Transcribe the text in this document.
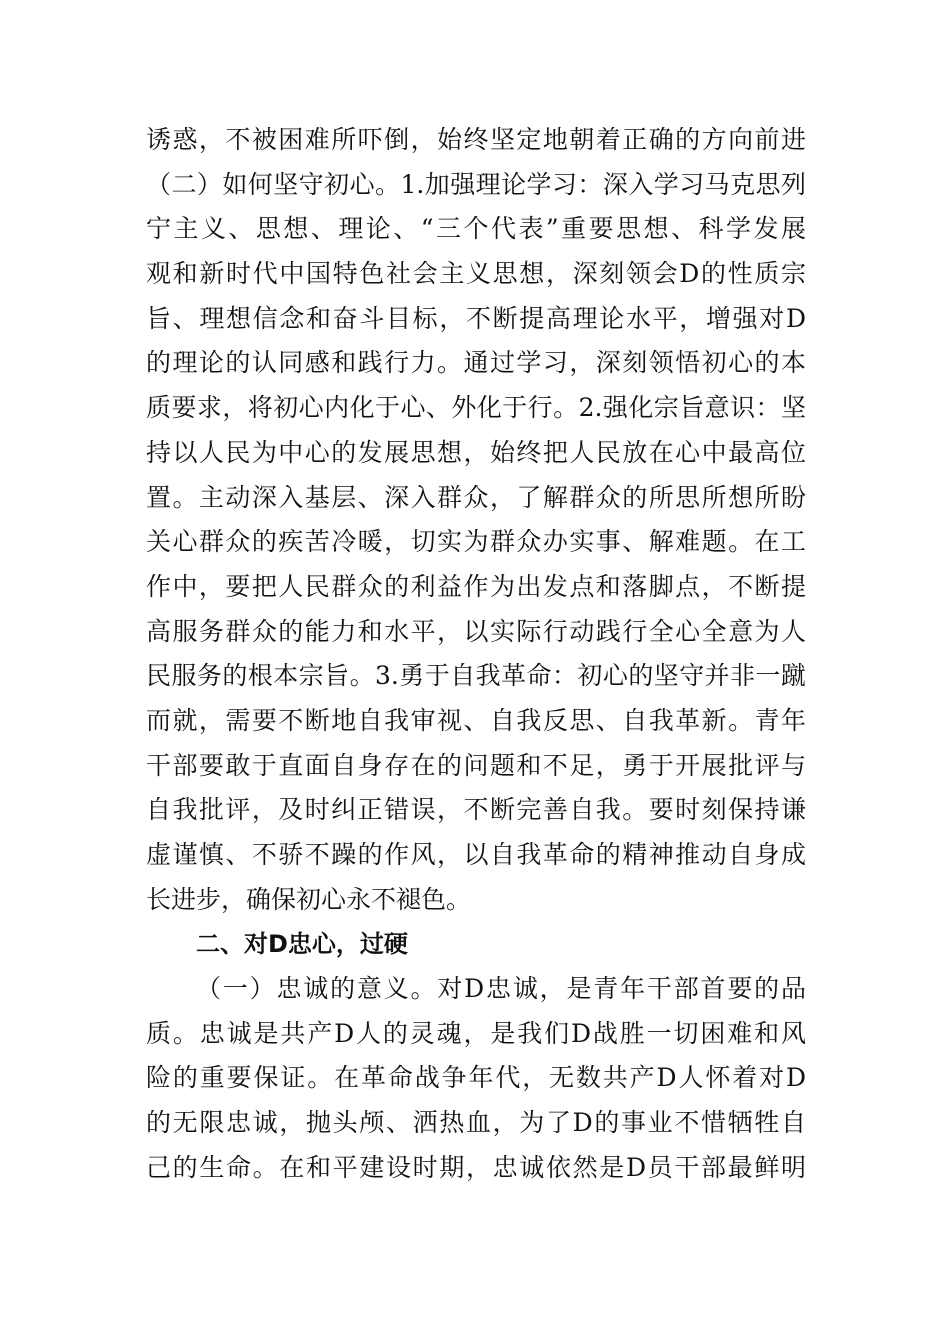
诱惑，不被困难所吓倒，始终坚定地朝着正确的方向前进
（二）如何坚守初心。1.加强理论学习：深入学习马克思列
宁主义、思想、理论、“三个代表”重要思想、科学发展
观和新时代中国特色社会主义思想，深刻领会D的性质宗
旨、理想信念和奋斗目标，不断提高理论水平，增强对D
的理论的认同感和践行力。通过学习，深刻领悟初心的本
质要求，将初心内化于心、外化于行。2.强化宗旨意识：坚
持以人民为中心的发展思想，始终把人民放在心中最高位
置。主动深入基层、深入群众，了解群众的所思所想所盼
关心群众的疾苦冷暖，切实为群众办实事、解难题。在工
作中，要把人民群众的利益作为出发点和落脚点，不断提
高服务群众的能力和水平，以实际行动践行全心全意为人
民服务的根本宗旨。3.勇于自我革命：初心的坚守并非一蹴
而就，需要不断地自我审视、自我反思、自我革新。青年
干部要敢于直面自身存在的问题和不足，勇于开展批评与
自我批评，及时纠正错误，不断完善自我。要时刻保持谦
虚谨慎、不骄不躁的作风，以自我革命的精神推动自身成
长进步，确保初心永不褪色。
二、对D忠心，过硬
（一）忠诚的意义。对D忠诚，是青年干部首要的品
质。忠诚是共产D人的灵魂，是我们D战胜一切困难和风
险的重要保证。在革命战争年代，无数共产D人怀着对D
的无限忠诚，抛头颅、洒热血，为了D的事业不惜牺牲自
己的生命。在和平建设时期，忠诚依然是D员干部最鲜明
